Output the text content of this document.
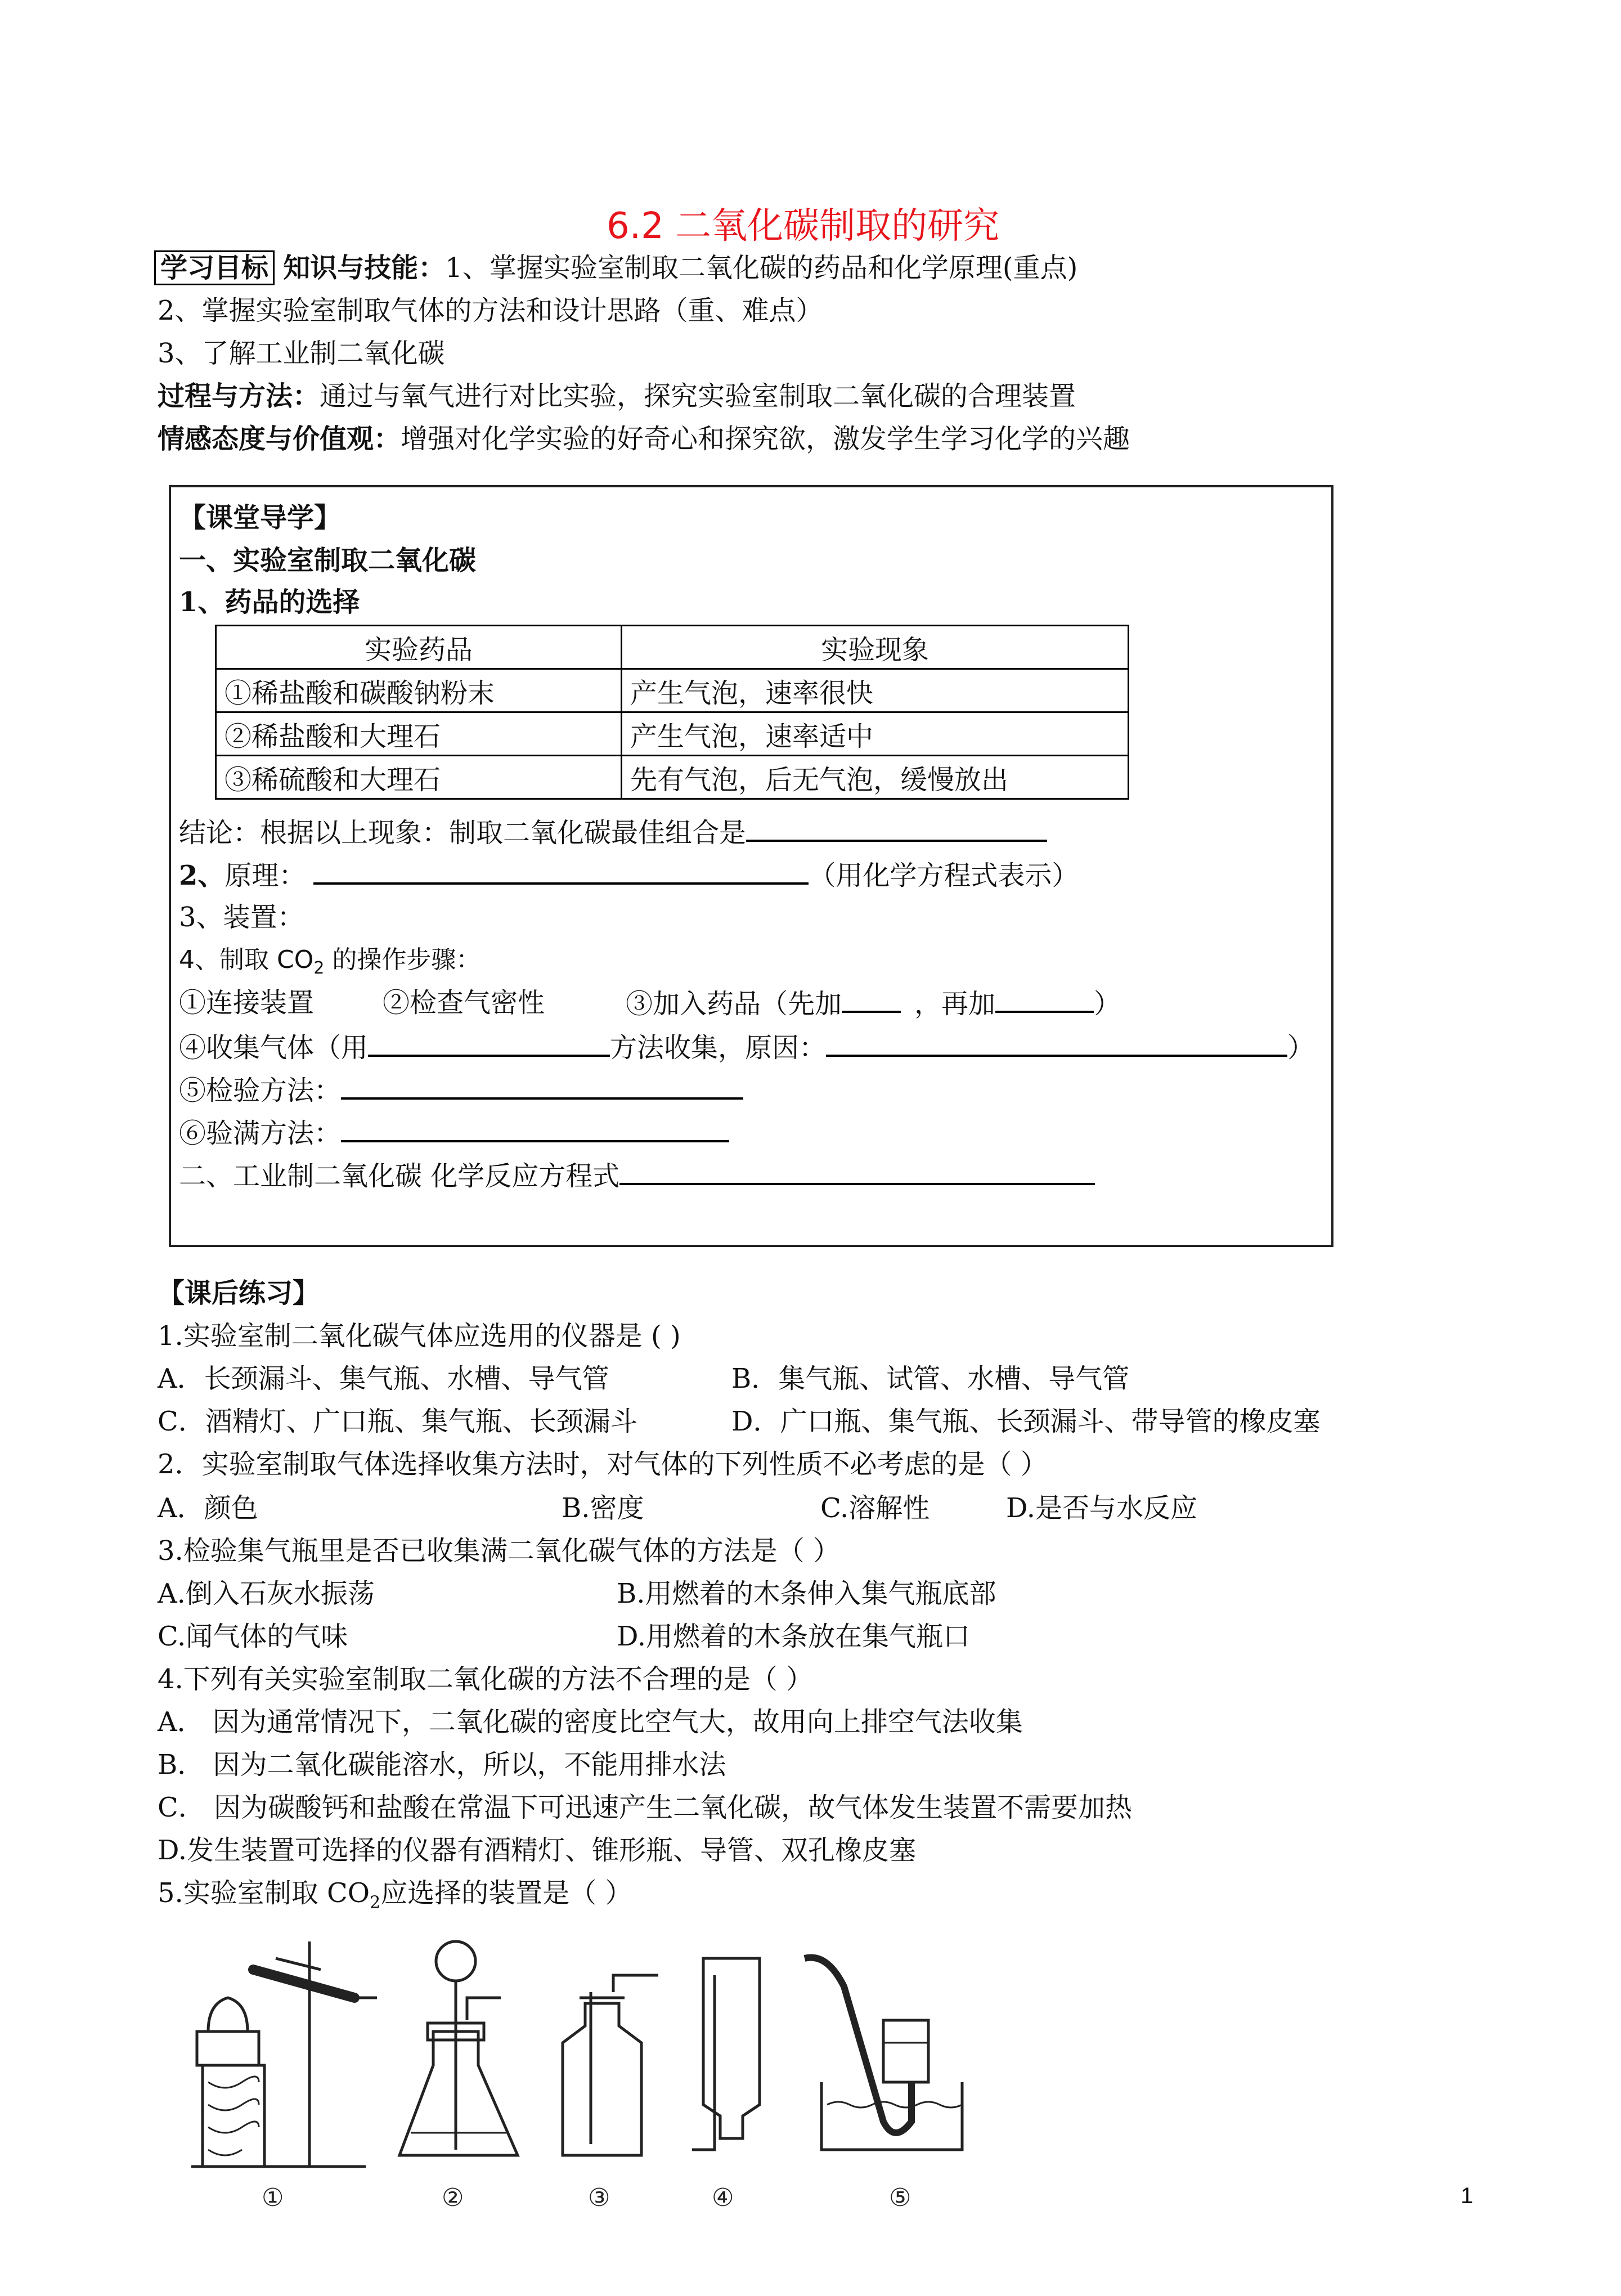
6.2 二氧化碳制取的研究
学习目标 知识与技能：1、掌握实验室制取二氧化碳的药品和化学原理(重点)
2、掌握实验室制取气体的方法和设计思路（重、难点）
3、了解工业制二氧化碳
过程与方法：通过与氧气进行对比实验，探究实验室制取二氧化碳的合理装置
情感态度与价值观：增强对化学实验的好奇心和探究欲，激发学生学习化学的兴趣
【课堂导学】
一、实验室制取二氧化碳
1、药品的选择
实验药品	实验现象
①稀盐酸和碳酸钠粉末	产生气泡，速率很快
②稀盐酸和大理石	产生气泡，速率适中
③稀硫酸和大理石	先有气泡，后无气泡，缓慢放出
结论：根据以上现象：制取二氧化碳最佳组合是
2、原理：	（用化学方程式表示）
3、装置：
4、制取 $CO_2$ 的操作步骤：
①连接装置	②检查气密性	③加入药品（先加	，再加	）
④收集气体（用	方法收集，原因：	）
⑤检验方法：
⑥验满方法：
二、工业制二氧化碳 化学反应方程式
【课后练习】
1.实验室制二氧化碳气体应选用的仪器是 ( )
A．长颈漏斗、集气瓶、水槽、导气管	B．集气瓶、试管、水槽、导气管
C．酒精灯、广口瓶、集气瓶、长颈漏斗	D．广口瓶、集气瓶、长颈漏斗、带导管的橡皮塞
2．实验室制取气体选择收集方法时，对气体的下列性质不必考虑的是（ ）
A．颜色	B.密度	C.溶解性	D.是否与水反应
3.检验集气瓶里是否已收集满二氧化碳气体的方法是（ ）
A.倒入石灰水振荡	B.用燃着的木条伸入集气瓶底部
C.闻气体的气味	D.用燃着的木条放在集气瓶口
4.下列有关实验室制取二氧化碳的方法不合理的是（ ）
A． 因为通常情况下，二氧化碳的密度比空气大，故用向上排空气法收集
B． 因为二氧化碳能溶水，所以，不能用排水法
C． 因为碳酸钙和盐酸在常温下可迅速产生二氧化碳，故气体发生装置不需要加热
D.发生装置可选择的仪器有酒精灯、锥形瓶、导管、双孔橡皮塞
5.实验室制取 $CO_2$应选择的装置是（ ）
①	②	③	④	⑤	1
